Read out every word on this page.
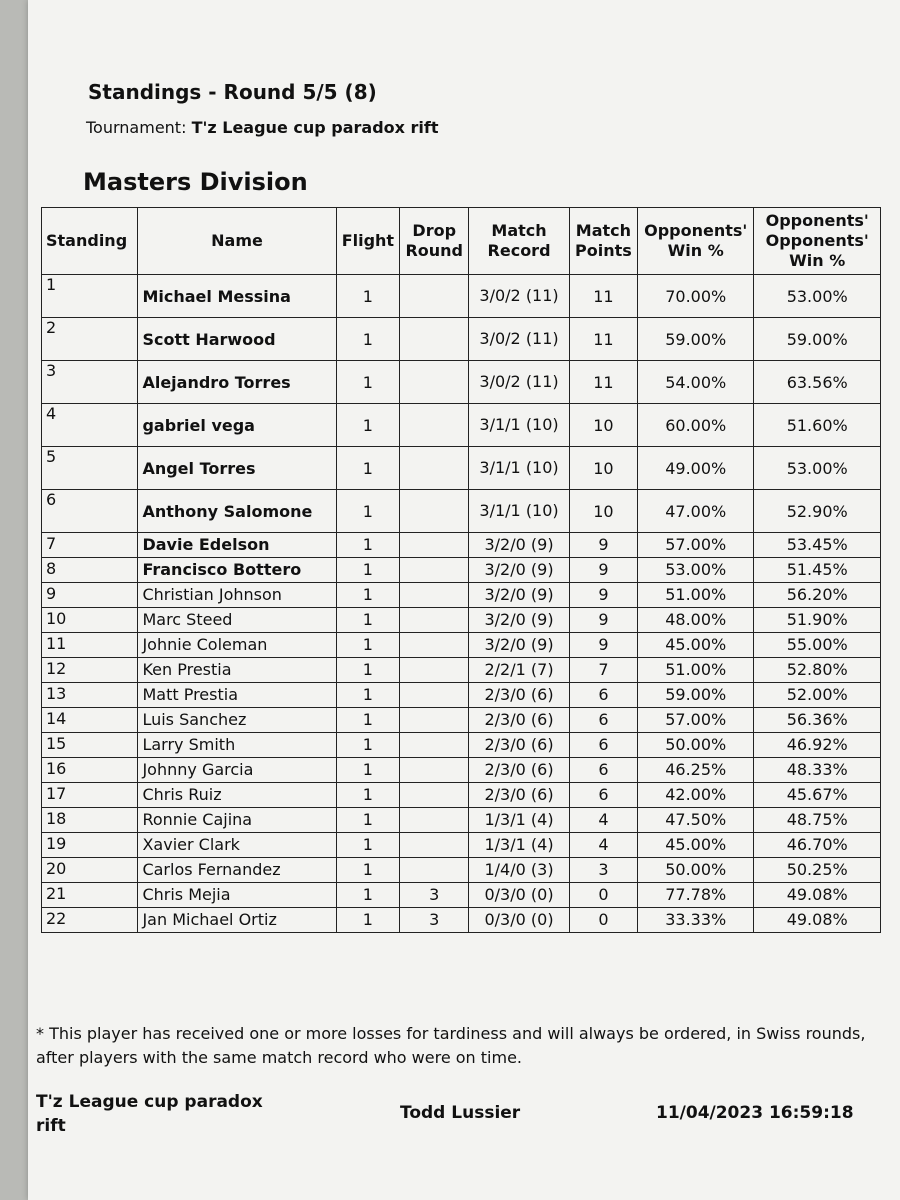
Standings - Round 5/5 (8)
Tournament: T'z League cup paradox rift
Masters Division
Standing	Name	Flight	Drop Round	Match Record	Match Points	Opponents' Win %	Opponents' Opponents' Win %
1	Michael Messina	1		3/0/2 (11)	11	70.00%	53.00%
2	Scott Harwood	1		3/0/2 (11)	11	59.00%	59.00%
3	Alejandro Torres	1		3/0/2 (11)	11	54.00%	63.56%
4	gabriel vega	1		3/1/1 (10)	10	60.00%	51.60%
5	Angel Torres	1		3/1/1 (10)	10	49.00%	53.00%
6	Anthony Salomone	1		3/1/1 (10)	10	47.00%	52.90%
7	Davie Edelson	1		3/2/0 (9)	9	57.00%	53.45%
8	Francisco Bottero	1		3/2/0 (9)	9	53.00%	51.45%
9	Christian Johnson	1		3/2/0 (9)	9	51.00%	56.20%
10	Marc Steed	1		3/2/0 (9)	9	48.00%	51.90%
11	Johnie Coleman	1		3/2/0 (9)	9	45.00%	55.00%
12	Ken Prestia	1		2/2/1 (7)	7	51.00%	52.80%
13	Matt Prestia	1		2/3/0 (6)	6	59.00%	52.00%
14	Luis Sanchez	1		2/3/0 (6)	6	57.00%	56.36%
15	Larry Smith	1		2/3/0 (6)	6	50.00%	46.92%
16	Johnny Garcia	1		2/3/0 (6)	6	46.25%	48.33%
17	Chris Ruiz	1		2/3/0 (6)	6	42.00%	45.67%
18	Ronnie Cajina	1		1/3/1 (4)	4	47.50%	48.75%
19	Xavier Clark	1		1/3/1 (4)	4	45.00%	46.70%
20	Carlos Fernandez	1		1/4/0 (3)	3	50.00%	50.25%
21	Chris Mejia	1	3	0/3/0 (0)	0	77.78%	49.08%
22	Jan Michael Ortiz	1	3	0/3/0 (0)	0	33.33%	49.08%
* This player has received one or more losses for tardiness and will always be ordered, in Swiss rounds, after players with the same match record who were on time.
T'z League cup paradox rift
Todd Lussier	11/04/2023 16:59:18
